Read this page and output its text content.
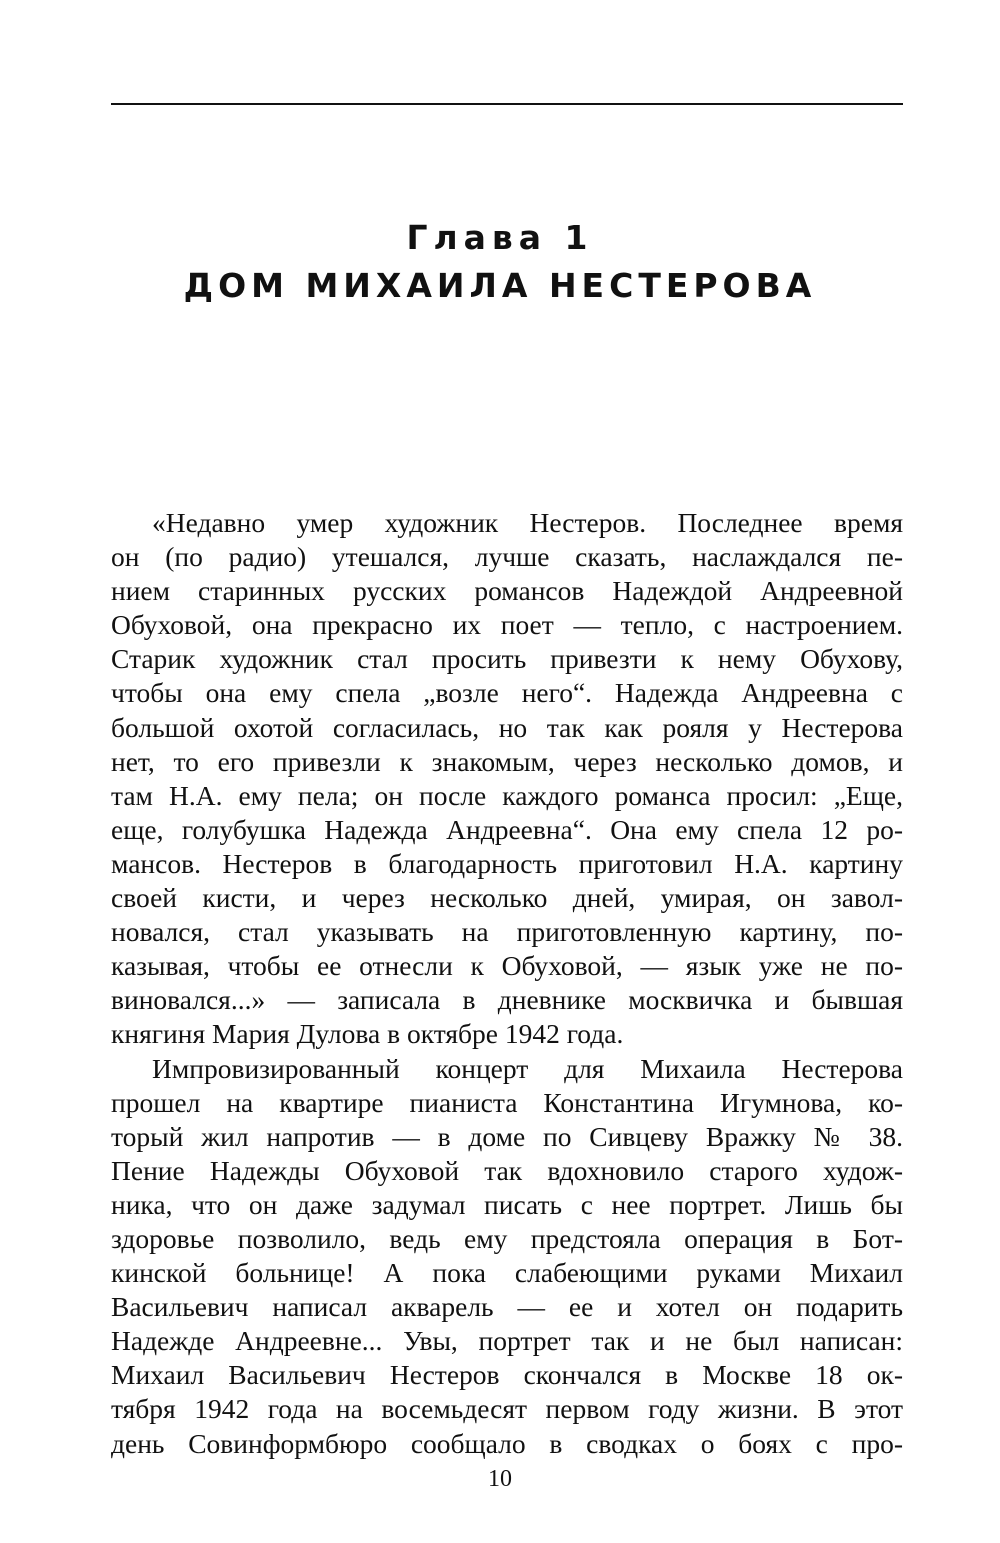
Глава 1
ДОМ МИХАИЛА НЕСТЕРОВА
«Недавно умер художник Нестеров. Последнее время
он (по радио) утешался, лучше сказать, наслаждался пе-
нием старинных русских романсов Надеждой Андреевной
Обуховой, она прекрасно их поет — тепло, с настроением.
Старик художник стал просить привезти к нему Обухову,
чтобы она ему спела „возле него“. Надежда Андреевна с
большой охотой согласилась, но так как рояля у Нестерова
нет, то его привезли к знакомым, через несколько домов, и
там Н.А. ему пела; он после каждого романса просил: „Еще,
еще, голубушка Надежда Андреевна“. Она ему спела 12 ро-
мансов. Нестеров в благодарность приготовил Н.А. картину
своей кисти, и через несколько дней, умирая, он завол-
новался, стал указывать на приготовленную картину, по-
казывая, чтобы ее отнесли к Обуховой, — язык уже не по-
виновался...» — записала в дневнике москвичка и бывшая
княгиня Мария Дулова в октябре 1942 года.
Импровизированный концерт для Михаила Нестерова
прошел на квартире пианиста Константина Игумнова, ко-
торый жил напротив — в доме по Сивцеву Вражку № 38.
Пение Надежды Обуховой так вдохновило старого худож-
ника, что он даже задумал писать с нее портрет. Лишь бы
здоровье позволило, ведь ему предстояла операция в Бот-
кинской больнице! А пока слабеющими руками Михаил
Васильевич написал акварель — ее и хотел он подарить
Надежде Андреевне... Увы, портрет так и не был написан:
Михаил Васильевич Нестеров скончался в Москве 18 ок-
тября 1942 года на восемьдесят первом году жизни. В этот
день Совинформбюро сообщало в сводках о боях с про-
10
